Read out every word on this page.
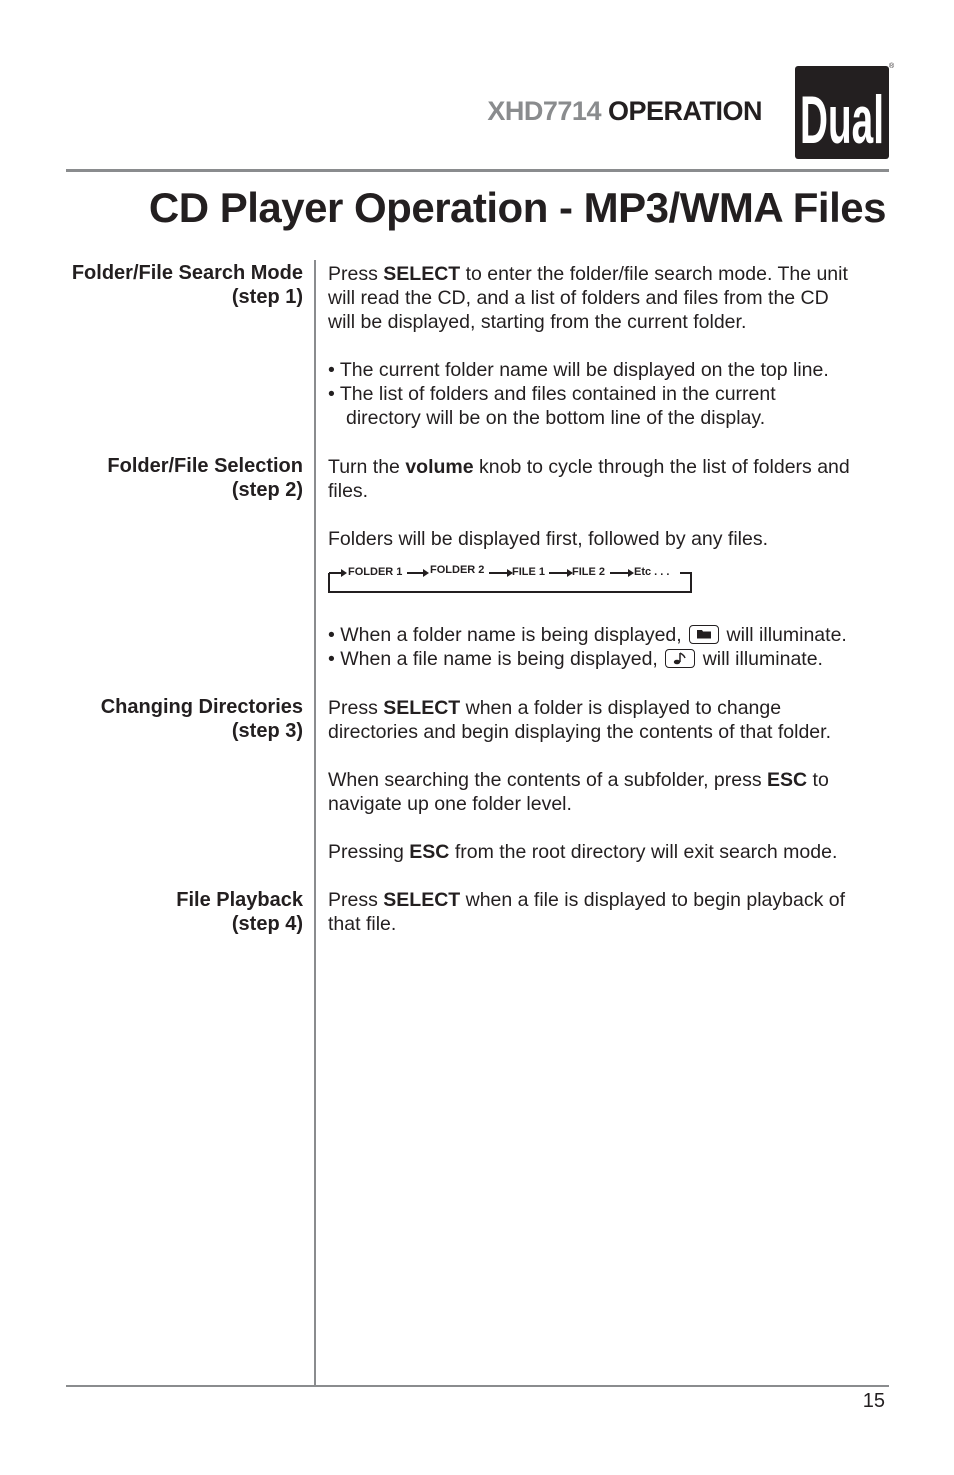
XHD7714 OPERATION Dual
®
CD Player Operation - MP3/WMA Files
Folder/File Search Mode
(step 1)
Press SELECT to enter the folder/file search mode. The unit
will read the CD, and a list of folders and files from the CD
will be displayed, starting from the current folder.
• The current folder name will be displayed on the top line.
• The list of folders and files contained in the current
directory will be on the bottom line of the display.
Folder/File Selection
(step 2)
Turn the volume knob to cycle through the list of folders and
files.
Folders will be displayed first, followed by any files.
FOLDER 1	FOLDER 2	FILE 1 FILE 2	Etc . . .
• When a folder name is being displayed, will illuminate.
• When a file name is being displayed, will illuminate.
Changing Directories
(step 3)
Press SELECT when a folder is displayed to change
directories and begin displaying the contents of that folder.
When searching the contents of a subfolder, press ESC to
navigate up one folder level.
Pressing ESC from the root directory will exit search mode.
File Playback
(step 4)
Press SELECT when a file is displayed to begin playback of
that file.
15
